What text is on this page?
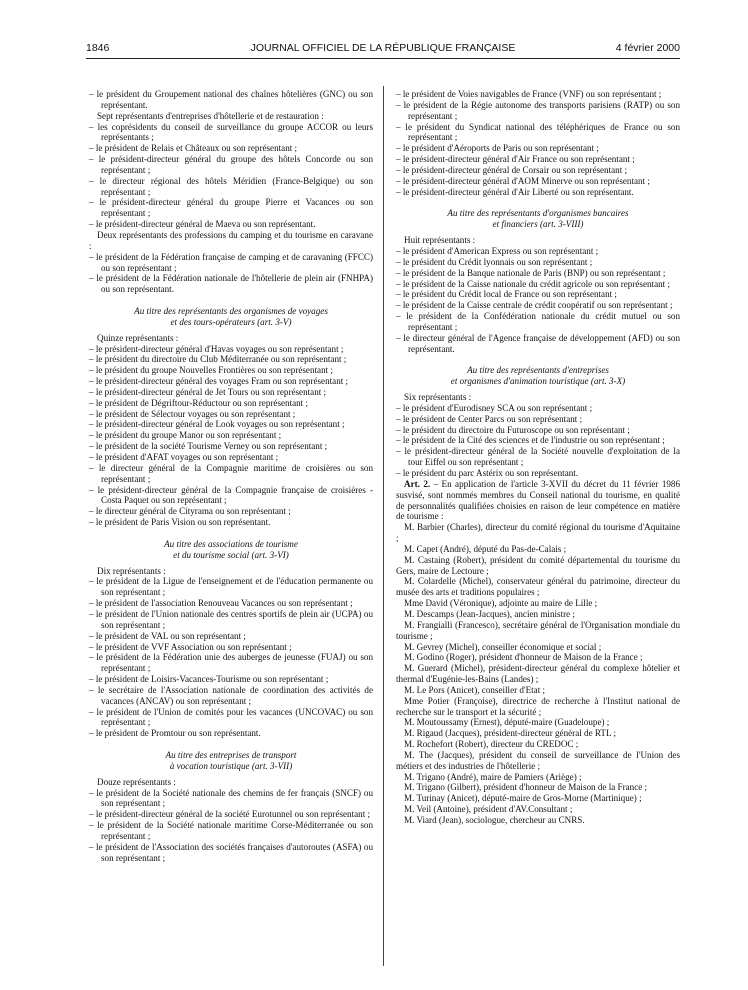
1846	JOURNAL OFFICIEL DE LA RÉPUBLIQUE FRANÇAISE	4 février 2000

– le président du Groupement national des chaînes hôtelières (GNC) ou son représentant.

Sept représentants d'entreprises d'hôtellerie et de restauration :

– les coprésidents du conseil de surveillance du groupe ACCOR ou leurs représentants ;

– le président de Relais et Châteaux ou son représentant ;

– le président-directeur général du groupe des hôtels Concorde ou son représentant ;

– le directeur régional des hôtels Méridien (France-Belgique) ou son représentant ;

– le président-directeur général du groupe Pierre et Vacances ou son représentant ;

– le président-directeur général de Maeva ou son représentant.

Deux représentants des professions du camping et du tourisme en caravane :

– le président de la Fédération française de camping et de caravaning (FFCC) ou son représentant ;

– le président de la Fédération nationale de l'hôtellerie de plein air (FNHPA) ou son représentant.

Au titre des représentants des organismes de voyages
et des tours-opérateurs (art. 3-V)

Quinze représentants :

– le président-directeur général d'Havas voyages ou son représentant ;

– le président du directoire du Club Méditerranée ou son représentant ;

– le président du groupe Nouvelles Frontières ou son représentant ;

– le président-directeur général des voyages Fram ou son représentant ;

– le président-directeur général de Jet Tours ou son représentant ;

– le président de Dégriftour-Réductour ou son représentant ;

– le président de Sélectour voyages ou son représentant ;

– le président-directeur général de Look voyages ou son représentant ;

– le président du groupe Manor ou son représentant ;

– le président de la société Tourisme Verney ou son représentant ;

– le président d'AFAT voyages ou son représentant ;

– le directeur général de la Compagnie maritime de croisières ou son représentant ;

– le président-directeur général de la Compagnie française de croisières - Costa Paquet ou son représentant ;

– le directeur général de Cityrama ou son représentant ;

– le président de Paris Vision ou son représentant.

Au titre des associations de tourisme
et du tourisme social (art. 3-VI)

Dix représentants :

– le président de la Ligue de l'enseignement et de l'éducation permanente ou son représentant ;

– le président de l'association Renouveau Vacances ou son représentant ;

– le président de l'Union nationale des centres sportifs de plein air (UCPA) ou son représentant ;

– le président de VAL ou son représentant ;

– le président de VVF Association ou son représentant ;

– le président de la Fédération unie des auberges de jeunesse (FUAJ) ou son représentant ;

– le président de Loisirs-Vacances-Tourisme ou son représentant ;

– le secrétaire de l'Association nationale de coordination des activités de vacances (ANCAV) ou son représentant ;

– le président de l'Union de comités pour les vacances (UNCOVAC) ou son représentant ;

– le président de Promtour ou son représentant.

Au titre des entreprises de transport
à vocation touristique (art. 3-VII)

Douze représentants :

– le président de la Société nationale des chemins de fer français (SNCF) ou son représentant ;

– le président-directeur général de la société Eurotunnel ou son représentant ;

– le président de la Société nationale maritime Corse-Méditerranée ou son représentant ;

– le président de l'Association des sociétés françaises d'autoroutes (ASFA) ou son représentant ;

– le président de Voies navigables de France (VNF) ou son représentant ;

– le président de la Régie autonome des transports parisiens (RATP) ou son représentant ;

– le président du Syndicat national des téléphériques de France ou son représentant ;

– le président d'Aéroports de Paris ou son représentant ;

– le président-directeur général d'Air France ou son représentant ;

– le président-directeur général de Corsair ou son représentant ;

– le président-directeur général d'AOM Minerve ou son représentant ;

– le président-directeur général d'Air Liberté ou son représentant.

Au titre des représentants d'organismes bancaires
et financiers (art. 3-VIII)

Huit représentants :

– le président d'American Express ou son représentant ;

– le président du Crédit lyonnais ou son représentant ;

– le président de la Banque nationale de Paris (BNP) ou son représentant ;

– le président de la Caisse nationale du crédit agricole ou son représentant ;

– le président du Crédit local de France ou son représentant ;

– le président de la Caisse centrale de crédit coopératif ou son représentant ;

– le président de la Confédération nationale du crédit mutuel ou son représentant ;

– le directeur général de l'Agence française de développement (AFD) ou son représentant.

Au titre des représentants d'entreprises
et organismes d'animation touristique (art. 3-X)

Six représentants :

– le président d'Eurodisney SCA ou son représentant ;

– le président de Center Parcs ou son représentant ;

– le président du directoire du Futuroscope ou son représentant ;

– le président de la Cité des sciences et de l'industrie ou son représentant ;

– le président-directeur général de la Société nouvelle d'exploitation de la tour Eiffel ou son représentant ;

– le président du parc Astérix ou son représentant.

Art. 2. – En application de l'article 3-XVII du décret du 11 février 1986 susvisé, sont nommés membres du Conseil national du tourisme, en qualité de personnalités qualifiées choisies en raison de leur compétence en matière de tourisme :

M. Barbier (Charles), directeur du comité régional du tourisme d'Aquitaine ;

M. Capet (André), député du Pas-de-Calais ;

M. Castaing (Robert), président du comité départemental du tourisme du Gers, maire de Lectoure ;

M. Colardelle (Michel), conservateur général du patrimoine, directeur du musée des arts et traditions populaires ;

Mme David (Véronique), adjointe au maire de Lille ;

M. Descamps (Jean-Jacques), ancien ministre ;

M. Frangialli (Francesco), secrétaire général de l'Organisation mondiale du tourisme ;

M. Gevrey (Michel), conseiller économique et social ;

M. Godino (Roger), président d'honneur de Maison de la France ;

M. Guerard (Michel), président-directeur général du complexe hôtelier et thermal d'Eugénie-les-Bains (Landes) ;

M. Le Pors (Anicet), conseiller d'Etat ;

Mme Potier (Françoise), directrice de recherche à l'Institut national de recherche sur le transport et la sécurité ;

M. Moutoussamy (Ernest), député-maire (Guadeloupe) ;

M. Rigaud (Jacques), président-directeur général de RTL ;

M. Rochefort (Robert), directeur du CREDOC ;

M. The (Jacques), président du conseil de surveillance de l'Union des métiers et des industries de l'hôtellerie ;

M. Trigano (André), maire de Pamiers (Ariège) ;

M. Trigano (Gilbert), président d'honneur de Maison de la France ;

M. Turinay (Anicet), député-maire de Gros-Morne (Martinique) ;

M. Veil (Antoine), président d'AV.Consultant ;

M. Viard (Jean), sociologue, chercheur au CNRS.
